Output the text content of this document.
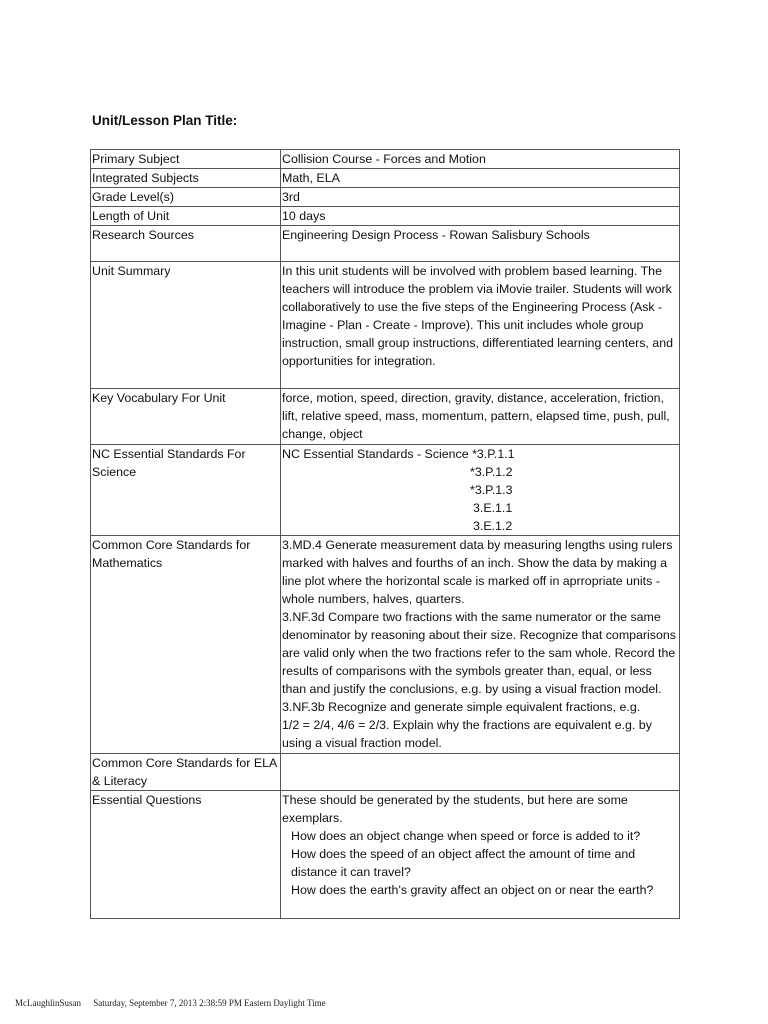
Unit/Lesson Plan Title:
Primary Subject	Collision Course - Forces and Motion
Integrated Subjects	Math, ELA
Grade Level(s)	3rd
Length of Unit	10 days
Research Sources	Engineering Design Process - Rowan Salisbury Schools
Unit Summary	In this unit students will be involved with problem based learning. The teachers will introduce the problem via iMovie trailer. Students will work collaboratively to use the five steps of the Engineering Process (Ask - Imagine - Plan - Create - Improve). This unit includes whole group instruction, small group instructions, differentiated learning centers, and opportunities for integration.
Key Vocabulary For Unit	force, motion, speed, direction, gravity, distance, acceleration, friction, lift, relative speed, mass, momentum, pattern, elapsed time, push, pull, change, object
NC Essential Standards For Science	NC Essential Standards - Science *3.P.1.1
*3.P.1.2
*3.P.1.3
3.E.1.1
3.E.1.2

Common Core Standards for Mathematics	3.MD.4 Generate measurement data by measuring lengths using rulers marked with halves and fourths of an inch. Show the data by making a line plot where the horizontal scale is marked off in aprropriate units - whole numbers, halves, quarters.
3.NF.3d Compare two fractions with the same numerator or the same denominator by reasoning about their size. Recognize that comparisons are valid only when the two fractions refer to the sam whole. Record the results of comparisons with the symbols greater than, equal, or less than and justify the conclusions, e.g. by using a visual fraction model.
3.NF.3b Recognize and generate simple equivalent fractions, e.g.
1/2 = 2/4, 4/6 = 2/3. Explain why the fractions are equivalent e.g. by using a visual fraction model.

Common Core Standards for ELA & Literacy	
Essential Questions	These should be generated by the students, but here are some exemplars.
How does an object change when speed or force is added to it?
How does the speed of an object affect the amount of time and distance it can travel?
How does the earth's gravity affect an object on or near the earth?
McLaughlinSusan Saturday, September 7, 2013 2:38:59 PM Eastern Daylight Time
